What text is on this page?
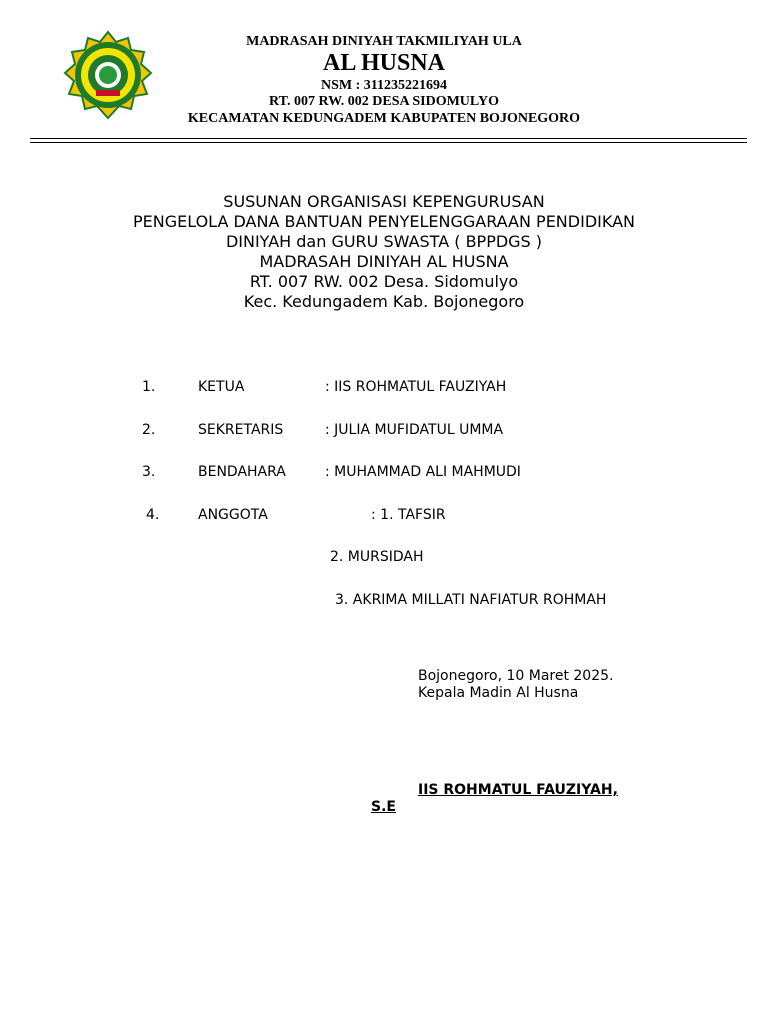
MADRASAH DINIYAH TAKMILIYAH ULA
AL HUSNA
NSM : 311235221694
RT. 007 RW. 002 DESA SIDOMULYO
KECAMATAN KEDUNGADEM KABUPATEN BOJONEGORO
SUSUNAN ORGANISASI KEPENGURUSAN
PENGELOLA DANA BANTUAN PENYELENGGARAAN PENDIDIKAN
DINIYAH dan GURU SWASTA ( BPPDGS )
MADRASAH DINIYAH AL HUSNA
RT. 007 RW. 002 Desa. Sidomulyo
Kec. Kedungadem Kab. Bojonegoro
1.	KETUA	: IIS ROHMATUL FAUZIYAH
2.	SEKRETARIS	: JULIA MUFIDATUL UMMA
3.	BENDAHARA	: MUHAMMAD ALI MAHMUDI
4.	ANGGOTA	: 1. TAFSIR
2. MURSIDAH
3. AKRIMA MILLATI NAFIATUR ROHMAH
Bojonegoro, 10 Maret 2025.
Kepala Madin Al Husna
IIS ROHMATUL FAUZIYAH,
S.E
